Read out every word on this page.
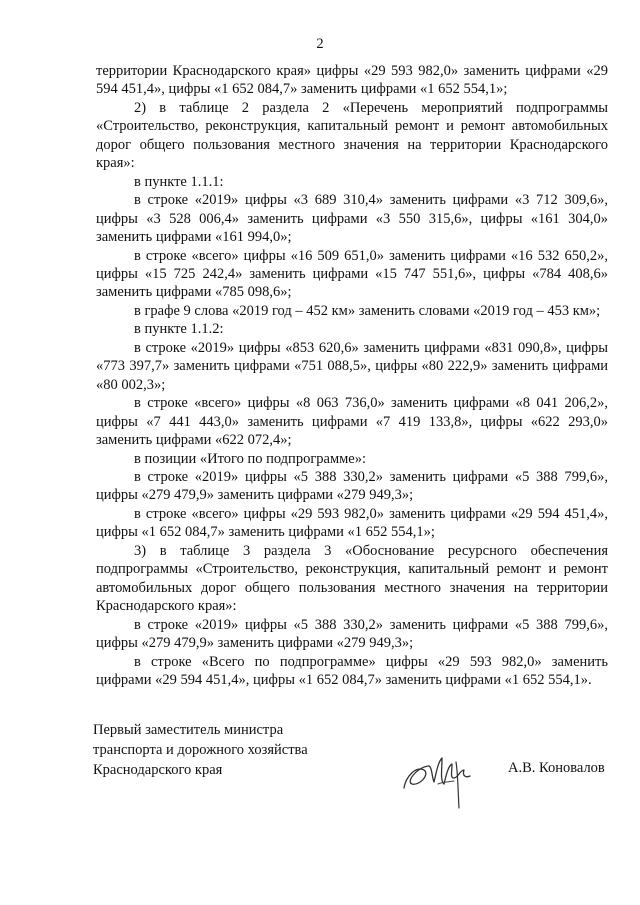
2

территории Краснодарского края» цифры «29 593 982,0» заменить цифрами «29 594 451,4», цифры «1 652 084,7» заменить цифрами «1 652 554,1»;

2) в таблице 2 раздела 2 «Перечень мероприятий подпрограммы «Строительство, реконструкция, капитальный ремонт и ремонт автомобильных дорог общего пользования местного значения на территории Краснодарского края»:

в пункте 1.1.1:

в строке «2019» цифры «3 689 310,4» заменить цифрами «3 712 309,6», цифры «3 528 006,4» заменить цифрами «3 550 315,6», цифры «161 304,0» заменить цифрами «161 994,0»;

в строке «всего» цифры «16 509 651,0» заменить цифрами «16 532 650,2», цифры «15 725 242,4» заменить цифрами «15 747 551,6», цифры «784 408,6» заменить цифрами «785 098,6»;

в графе 9 слова «2019 год – 452 км» заменить словами «2019 год – 453 км»;

в пункте 1.1.2:

в строке «2019» цифры «853 620,6» заменить цифрами «831 090,8», цифры «773 397,7» заменить цифрами «751 088,5», цифры «80 222,9» заменить цифрами «80 002,3»;

в строке «всего» цифры «8 063 736,0» заменить цифрами «8 041 206,2», цифры «7 441 443,0» заменить цифрами «7 419 133,8», цифры «622 293,0» заменить цифрами «622 072,4»;

в позиции «Итого по подпрограмме»:

в строке «2019» цифры «5 388 330,2» заменить цифрами «5 388 799,6», цифры «279 479,9» заменить цифрами «279 949,3»;

в строке «всего» цифры «29 593 982,0» заменить цифрами «29 594 451,4», цифры «1 652 084,7» заменить цифрами «1 652 554,1»;

3) в таблице 3 раздела 3 «Обоснование ресурсного обеспечения подпрограммы «Строительство, реконструкция, капитальный ремонт и ремонт автомобильных дорог общего пользования местного значения на территории Краснодарского края»:

в строке «2019» цифры «5 388 330,2» заменить цифрами «5 388 799,6», цифры «279 479,9» заменить цифрами «279 949,3»;

в строке «Всего по подпрограмме» цифры «29 593 982,0» заменить цифрами «29 594 451,4», цифры «1 652 084,7» заменить цифрами «1 652 554,1».

Первый заместитель министра
транспорта и дорожного хозяйства
Краснодарского края	А.В. Коновалов
